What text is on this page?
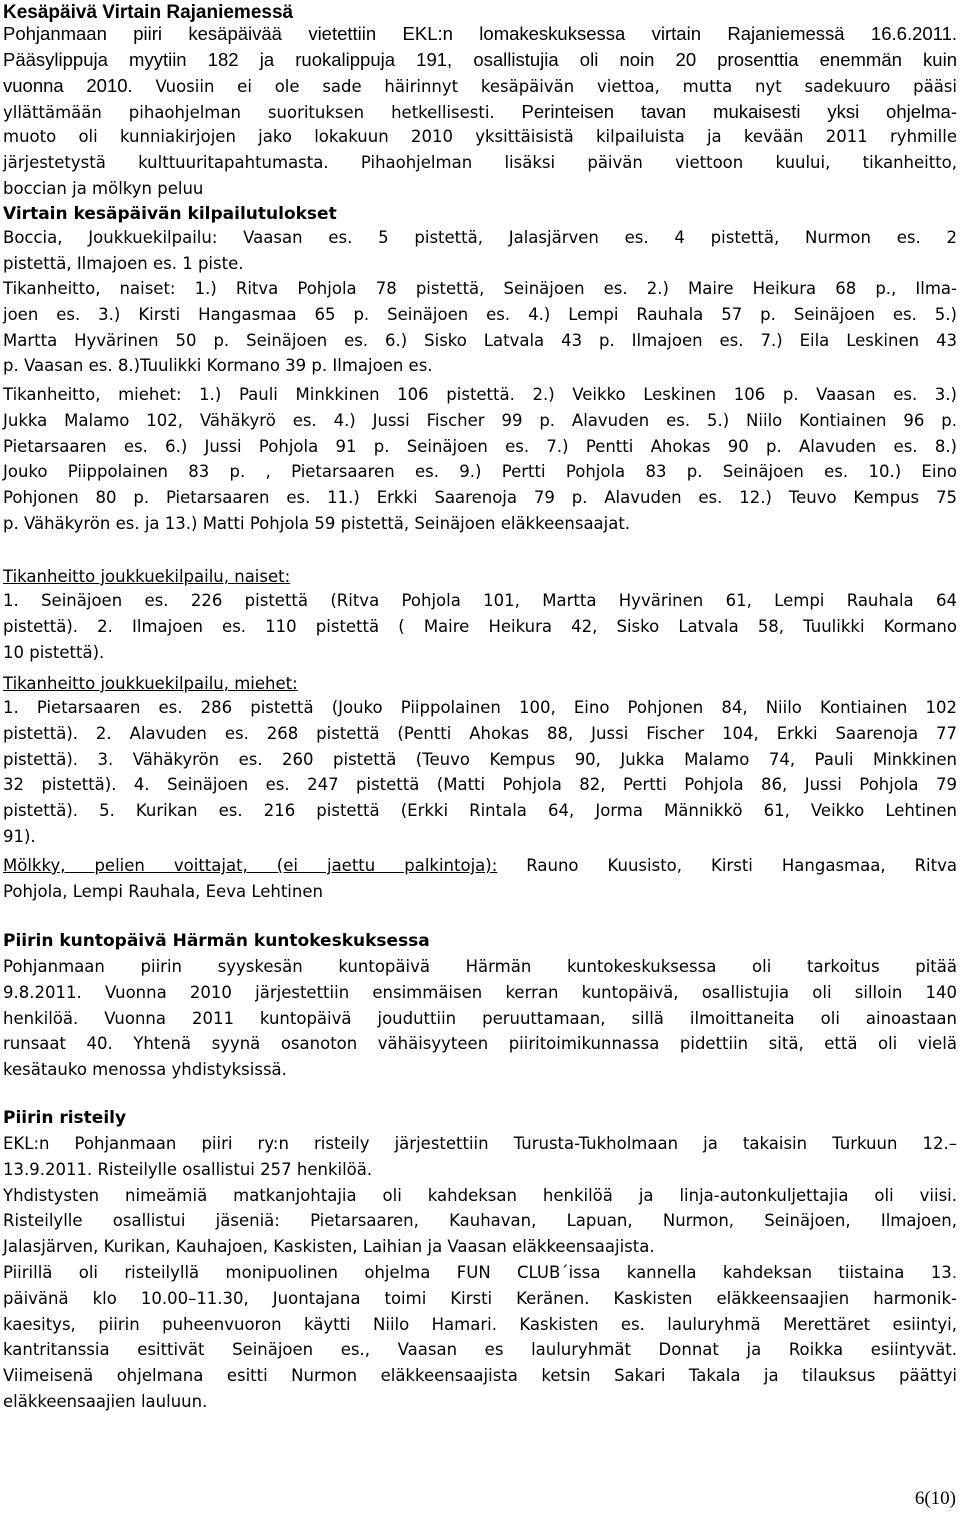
Kesäpäivä Virtain Rajaniemessä
Pohjanmaan piiri kesäpäivää vietettiin EKL:n lomakeskuksessa virtain Rajaniemessä 16.6.2011.
Pääsylippuja myytiin 182 ja ruokalippuja 191, osallistujia oli noin 20 prosenttia enemmän kuin
vuonna 2010. Vuosiin ei ole sade häirinnyt kesäpäivän viettoa, mutta nyt sadekuuro pääsi
yllättämään pihaohjelman suorituksen hetkellisesti. Perinteisen tavan mukaisesti yksi ohjelma-
muoto oli kunniakirjojen jako lokakuun 2010 yksittäisistä kilpailuista ja kevään 2011 ryhmille
järjestetystä kulttuuritapahtumasta. Pihaohjelman lisäksi päivän viettoon kuului, tikanheitto,
boccian ja mölkyn peluu
Virtain kesäpäivän kilpailutulokset
Boccia, Joukkuekilpailu: Vaasan es. 5 pistettä, Jalasjärven es. 4 pistettä, Nurmon es. 2
pistettä, Ilmajoen es. 1 piste.
Tikanheitto, naiset: 1.) Ritva Pohjola 78 pistettä, Seinäjoen es. 2.) Maire Heikura 68 p., Ilma-
joen es. 3.) Kirsti Hangasmaa 65 p. Seinäjoen es. 4.) Lempi Rauhala 57 p. Seinäjoen es. 5.)
Martta Hyvärinen 50 p. Seinäjoen es. 6.) Sisko Latvala 43 p. Ilmajoen es. 7.) Eila Leskinen 43
p. Vaasan es. 8.)Tuulikki Kormano 39 p. Ilmajoen es.
Tikanheitto, miehet: 1.) Pauli Minkkinen 106 pistettä. 2.) Veikko Leskinen 106 p. Vaasan es. 3.)
Jukka Malamo 102, Vähäkyrö es. 4.) Jussi Fischer 99 p. Alavuden es. 5.) Niilo Kontiainen 96 p.
Pietarsaaren es. 6.) Jussi Pohjola 91 p. Seinäjoen es. 7.) Pentti Ahokas 90 p. Alavuden es. 8.)
Jouko Piippolainen 83 p. , Pietarsaaren es. 9.) Pertti Pohjola 83 p. Seinäjoen es. 10.) Eino
Pohjonen 80 p. Pietarsaaren es. 11.) Erkki Saarenoja 79 p. Alavuden es. 12.) Teuvo Kempus 75
p. Vähäkyrön es. ja 13.) Matti Pohjola 59 pistettä, Seinäjoen eläkkeensaajat.
Tikanheitto joukkuekilpailu, naiset:
1. Seinäjoen es. 226 pistettä (Ritva Pohjola 101, Martta Hyvärinen 61, Lempi Rauhala 64
pistettä). 2. Ilmajoen es. 110 pistettä ( Maire Heikura 42, Sisko Latvala 58, Tuulikki Kormano
10 pistettä).
Tikanheitto joukkuekilpailu, miehet:
1. Pietarsaaren es. 286 pistettä (Jouko Piippolainen 100, Eino Pohjonen 84, Niilo Kontiainen 102
pistettä). 2. Alavuden es. 268 pistettä (Pentti Ahokas 88, Jussi Fischer 104, Erkki Saarenoja 77
pistettä). 3. Vähäkyrön es. 260 pistettä (Teuvo Kempus 90, Jukka Malamo 74, Pauli Minkkinen
32 pistettä). 4. Seinäjoen es. 247 pistettä (Matti Pohjola 82, Pertti Pohjola 86, Jussi Pohjola 79
pistettä). 5. Kurikan es. 216 pistettä (Erkki Rintala 64, Jorma Männikkö 61, Veikko Lehtinen
91).
Mölkky, pelien voittajat, (ei jaettu palkintoja): Rauno Kuusisto, Kirsti Hangasmaa, Ritva
Pohjola, Lempi Rauhala, Eeva Lehtinen
Piirin kuntopäivä Härmän kuntokeskuksessa
Pohjanmaan piirin syyskesän kuntopäivä Härmän kuntokeskuksessa oli tarkoitus pitää
9.8.2011. Vuonna 2010 järjestettiin ensimmäisen kerran kuntopäivä, osallistujia oli silloin 140
henkilöä. Vuonna 2011 kuntopäivä jouduttiin peruuttamaan, sillä ilmoittaneita oli ainoastaan
runsaat 40. Yhtenä syynä osanoton vähäisyyteen piiritoimikunnassa pidettiin sitä, että oli vielä
kesätauko menossa yhdistyksissä.
Piirin risteily
EKL:n Pohjanmaan piiri ry:n risteily järjestettiin Turusta-Tukholmaan ja takaisin Turkuun 12.–
13.9.2011. Risteilylle osallistui 257 henkilöä.
Yhdistysten nimeämiä matkanjohtajia oli kahdeksan henkilöä ja linja-autonkuljettajia oli viisi.
Risteilylle osallistui jäseniä: Pietarsaaren, Kauhavan, Lapuan, Nurmon, Seinäjoen, Ilmajoen,
Jalasjärven, Kurikan, Kauhajoen, Kaskisten, Laihian ja Vaasan eläkkeensaajista.
Piirillä oli risteilyllä monipuolinen ohjelma FUN CLUB´issa kannella kahdeksan tiistaina 13.
päivänä klo 10.00–11.30, Juontajana toimi Kirsti Keränen. Kaskisten eläkkeensaajien harmonik-
kaesitys, piirin puheenvuoron käytti Niilo Hamari. Kaskisten es. lauluryhmä Merettäret esiintyi,
kantritanssia esittivät Seinäjoen es., Vaasan es lauluryhmät Donnat ja Roikka esiintyvät.
Viimeisenä ohjelmana esitti Nurmon eläkkeensaajista ketsin Sakari Takala ja tilauksus päättyi
eläkkeensaajien lauluun.
6(10)
